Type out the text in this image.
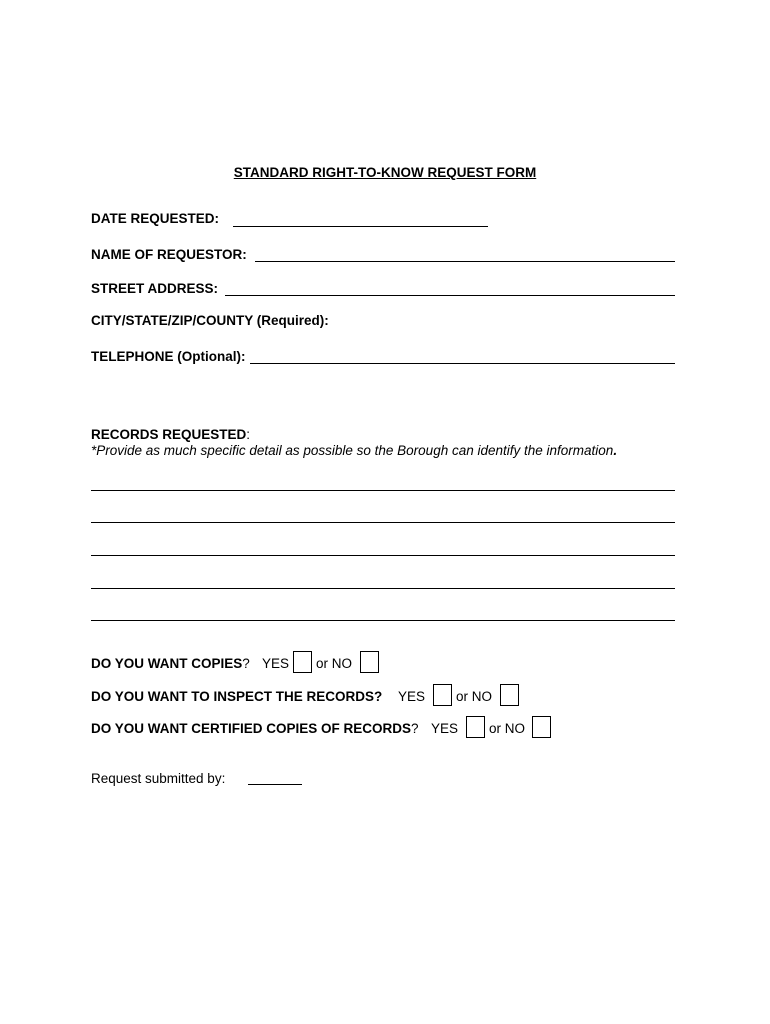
STANDARD RIGHT-TO-KNOW REQUEST FORM
DATE REQUESTED:
NAME OF REQUESTOR:
STREET ADDRESS:
CITY/STATE/ZIP/COUNTY (Required):
TELEPHONE (Optional):
RECORDS REQUESTED:
*Provide as much specific detail as possible so the Borough can identify the information.
DO YOU WANT COPIES? YES or NO
DO YOU WANT TO INSPECT THE RECORDS? YES or NO
DO YOU WANT CERTIFIED COPIES OF RECORDS? YES or NO
Request submitted by:
